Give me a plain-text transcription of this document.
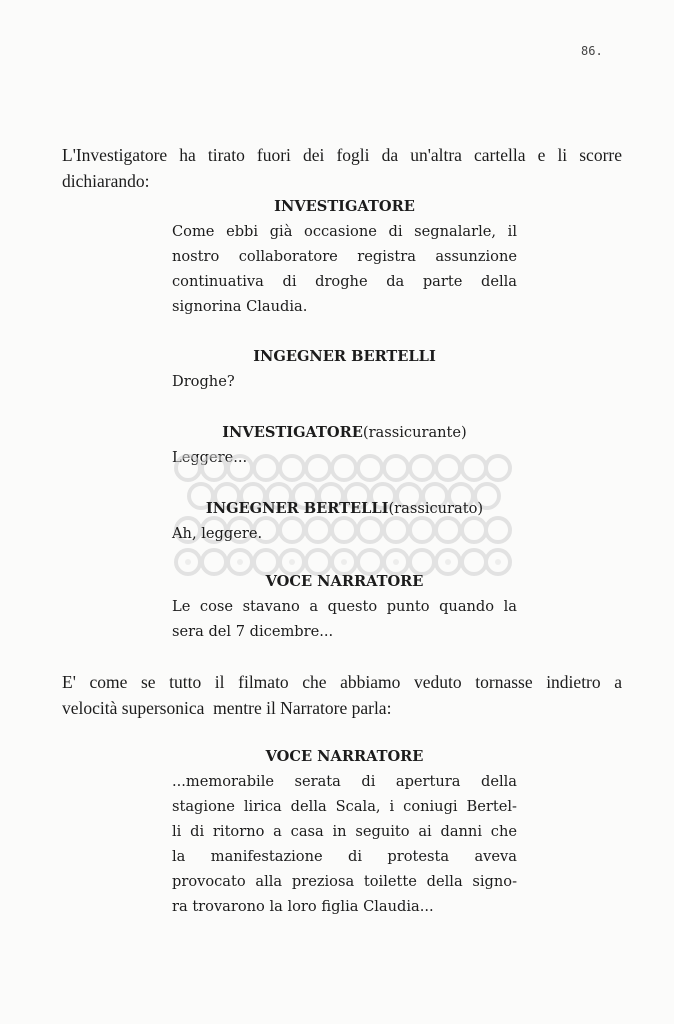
86.
L'Investigatore ha tirato fuori dei fogli da un'altra cartella e li scorre
dichiarando:
INVESTIGATORE
Come ebbi già occasione di segnalarle, il
nostro collaboratore registra assunzione
continuativa di droghe da parte della
signorina Claudia.
INGEGNER BERTELLI
Droghe?
INVESTIGATORE(rassicurante)
Leggere...
INGEGNER BERTELLI(rassicurato)
Ah, leggere.
VOCE NARRATORE
Le cose stavano a questo punto quando la
sera del 7 dicembre...
E' come se tutto il filmato che abbiamo veduto tornasse indietro a
velocità supersonica  mentre il Narratore parla:
VOCE NARRATORE
...memorabile serata di apertura della
stagione lirica della Scala, i coniugi Bertel-
li di ritorno a casa in seguito ai danni che
la manifestazione di protesta aveva
provocato alla preziosa toilette della signo-
ra trovarono la loro figlia Claudia...
